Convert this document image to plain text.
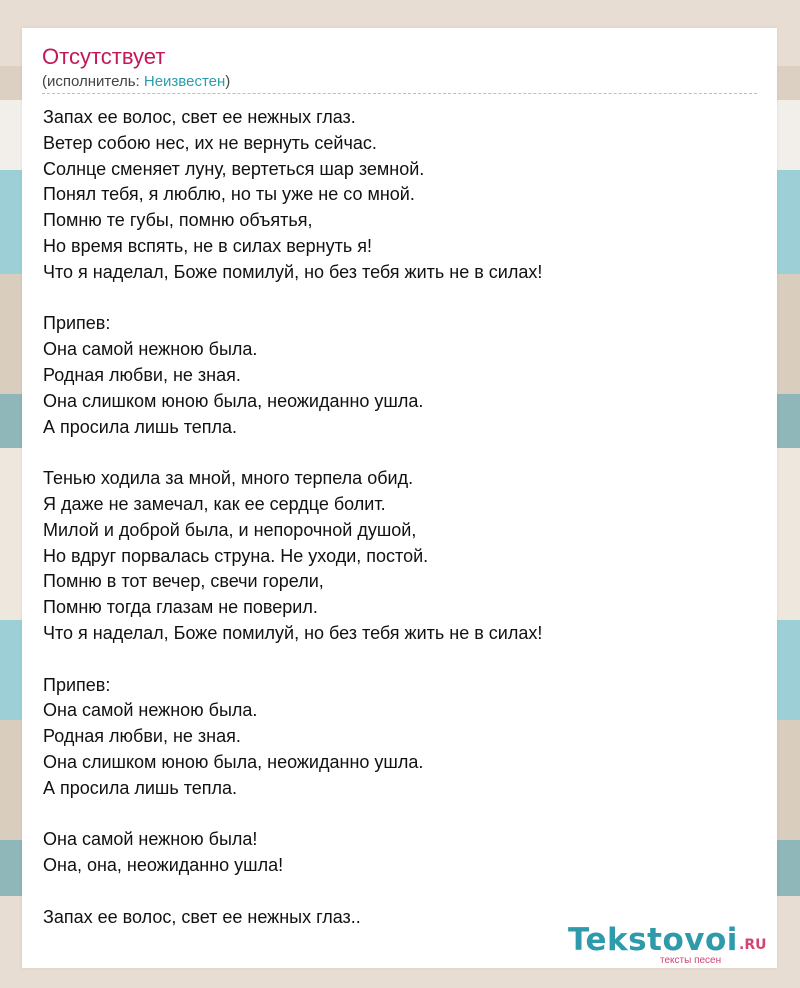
Отсутствует
(исполнитель: Неизвестен)
Запах ее волос, свет ее нежных глаз.
Ветер собою нес, их не вернуть сейчас.
Солнце сменяет луну, вертеться шар земной.
Понял тебя, я люблю, но ты уже не со мной.
Помню те губы, помню объятья,
Но время вспять, не в силах вернуть я!
Что я наделал, Боже помилуй, но без тебя жить не в силах!
Припев:
Она самой нежною была.
Родная любви, не зная.
Она слишком юною была, неожиданно ушла.
А просила лишь тепла.
Тенью ходила за мной, много терпела обид.
Я даже не замечал, как ее сердце болит.
Милой и доброй была, и непорочной душой,
Но вдруг порвалась струна. Не уходи, постой.
Помню в тот вечер, свечи горели,
Помню тогда глазам не поверил.
Что я наделал, Боже помилуй, но без тебя жить не в силах!
Припев:
Она самой нежною была.
Родная любви, не зная.
Она слишком юною была, неожиданно ушла.
А просила лишь тепла.
Она самой нежною была!
Она, она, неожиданно ушла!
Запах ее волос, свет ее нежных глаз..
Tekstovoi .RU
тексты песен
